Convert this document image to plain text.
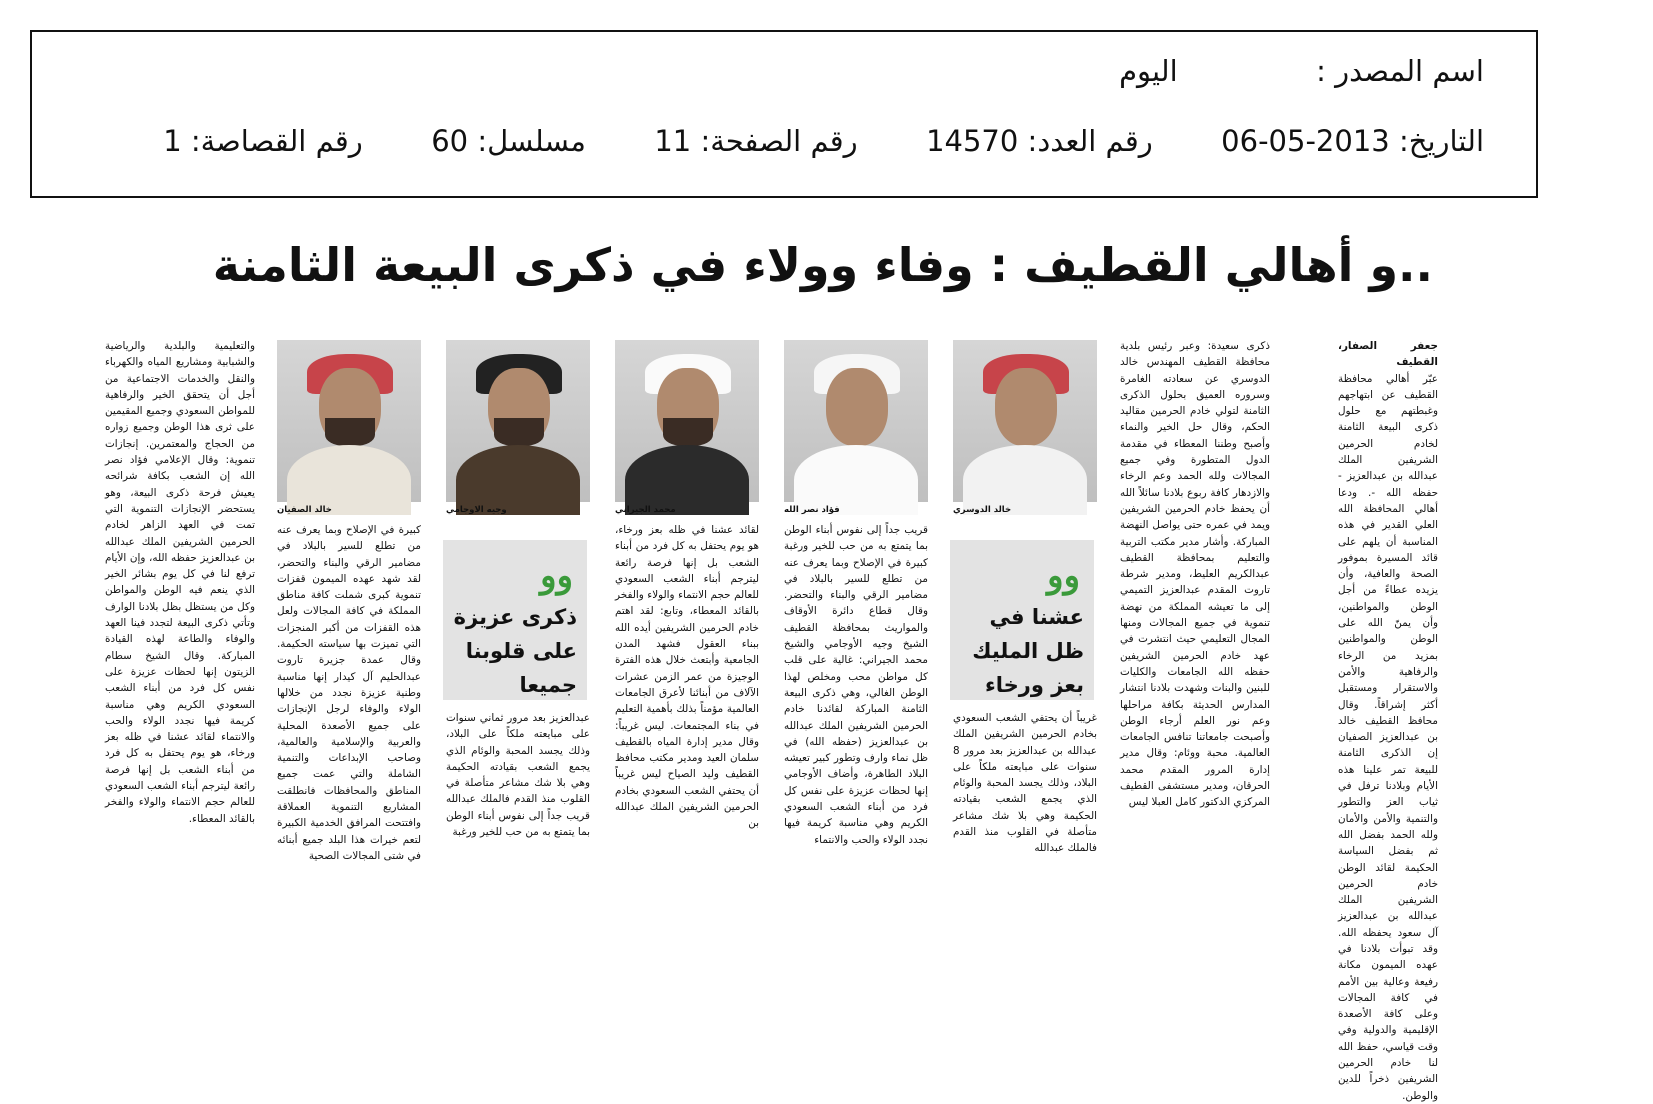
اسم المصدر :  اليوم
التاريخ: 2013-05-06  رقم العدد: 14570  رقم الصفحة: 11  مسلسل: 60  رقم القصاصة: 1
..و أهالي القطيف : وفاء وولاء في ذكرى البيعة الثامنة
جعفر الصفار، القطيف
عبّر أهالي محافظة القطيف عن ابتهاجهم وغبطتهم مع حلول ذكرى البيعة الثامنة لخادم الحرمين الشريفين الملك عبدالله بن عبدالعزيز - حفظه الله -. ودعا أهالي المحافظة الله العلي القدير في هذه المناسبة أن يلهم على قائد المسيرة بموفور الصحة والعافية، وأن يزيده عطاءً من أجل الوطن والمواطنين، وأن يمنّ الله على الوطن والمواطنين بمزيد من الرخاء والرفاهية والأمن والاستقرار ومستقبل أكثر إشراقاً. وقال محافظ القطيف خالد بن عبدالعزيز الصفيان إن الذكرى الثامنة للبيعة تمر علينا هذه الأيام وبلادنا ترفل في ثياب العز والتطور والتنمية والأمن والأمان ولله الحمد بفضل الله ثم بفضل السياسة الحكيمة لقائد الوطن خادم الحرمين الشريفين الملك عبدالله بن عبدالعزيز آل سعود يحفظه الله. وقد تبوأت بلادنا في عهده الميمون مكانة رفيعة وعالية بين الأمم في كافة المجالات وعلى كافة الأصعدة الإقليمية والدولية وفي وقت قياسي، حفظ الله لنا خادم الحرمين الشريفين ذخراً للدين والوطن.
ذكرى سعيدة: وعبر رئيس بلدية محافظة القطيف المهندس خالد الدوسري عن سعادته الغامرة وسروره العميق بحلول الذكرى الثامنة لتولي خادم الحرمين مقاليد الحكم، وقال حل الخير والنماء وأصبح وطننا المعطاء في مقدمة الدول المتطورة وفي جميع المجالات ولله الحمد وعم الرخاء والازدهار كافة ربوع بلادنا سائلاً الله أن يحفظ خادم الحرمين الشريفين ويمد في عمره حتى يواصل النهضة المباركة. وأشار مدير مكتب التربية والتعليم بمحافظة القطيف عبدالكريم العليط، ومدير شرطة تاروت المقدم عبدالعزيز التميمي إلى ما تعيشه المملكة من نهضة تنموية في جميع المجالات ومنها المجال التعليمي حيث انتشرت في عهد خادم الحرمين الشريفين حفظه الله الجامعات والكليات للبنين والبنات وشهدت بلادنا انتشار المدارس الحديثة بكافة مراحلها وعم نور العلم أرجاء الوطن وأصبحت جامعاتنا تنافس الجامعات العالمية. محبة ووئام: وقال مدير إدارة المرور المقدم محمد الحرقان، ومدير مستشفى القطيف المركزي الدكتور كامل العبلا ليس
خالد الدوسري
وو
عشنا في ظل المليك بعز ورخاء
غريباً أن يحتفي الشعب السعودي بخادم الحرمين الشريفين الملك عبدالله بن عبدالعزيز بعد مرور 8 سنوات على مبايعته ملكاً على البلاد، وذلك يجسد المحبة والوئام الذي يجمع الشعب بقيادته الحكيمة وهي بلا شك مشاعر متأصلة في القلوب منذ القدم فالملك عبدالله
فؤاد نصر الله
قريب جداً إلى نفوس أبناء الوطن بما يتمتع به من حب للخير ورغبة كبيرة في الإصلاح وبما يعرف عنه من تطلع للسير بالبلاد في مضامير الرقي والبناء والتحضر. وقال قطاع دائرة الأوقاف والمواريث بمحافظة القطيف الشيخ وجيه الأوجامي والشيخ محمد الجيراني: غالية على قلب كل مواطن محب ومخلص لهذا الوطن الغالي، وهي ذكرى البيعة الثامنة المباركة لقائدنا خادم الحرمين الشريفين الملك عبدالله بن عبدالعزيز (حفظه الله) في ظل نماء وارف وتطور كبير تعيشه البلاد الطاهرة، وأضاف الأوجامي إنها لحظات عزيزة على نفس كل فرد من أبناء الشعب السعودي الكريم وهي مناسبة كريمة فيها نجدد الولاء والحب والانتماء
محمد الجيراني
لقائد عشنا في ظله بعز ورخاء، هو يوم يحتفل به كل فرد من أبناء الشعب بل إنها فرصة رائعة ليترجم أبناء الشعب السعودي للعالم حجم الانتماء والولاء والفخر بالقائد المعطاء، وتابع: لقد اهتم خادم الحرمين الشريفين أيده الله ببناء العقول فشهد المدن الجامعية وأبتعث خلال هذه الفترة الوجيزة من عمر الزمن عشرات الآلاف من أبنائنا لأعرق الجامعات العالمية مؤمناً بذلك بأهمية التعليم في بناء المجتمعات. ليس غريباً: وقال مدير إدارة المياه بالقطيف سلمان العيد ومدير مكتب محافظ القطيف وليد الصياح ليس غريباً أن يحتفي الشعب السعودي بخادم الحرمين الشريفين الملك عبدالله بن
وجيه الاوجامي
وو
ذكرى عزيزة على قلوبنا جميعا
عبدالعزيز بعد مرور ثماني سنوات على مبايعته ملكاً على البلاد، وذلك يجسد المحبة والوئام الذي يجمع الشعب بقيادته الحكيمة وهي بلا شك مشاعر متأصلة في القلوب منذ القدم فالملك عبدالله قريب جداً إلى نفوس أبناء الوطن بما يتمتع به من حب للخير ورغبة
خالد الصفيان
كبيرة في الإصلاح وبما يعرف عنه من تطلع للسير بالبلاد في مضامير الرقي والبناء والتحضر، لقد شهد عهده الميمون قفزات تنموية كبرى شملت كافة مناطق المملكة في كافة المجالات ولعل هذه القفزات من أكبر المنجزات التي تميزت بها سياسته الحكيمة. وقال عمدة جزيرة تاروت عبدالحليم آل كيدار إنها مناسبة وطنية عزيزة نجدد من خلالها الولاء والوفاء لرجل الإنجازات على جميع الأصعدة المحلية والعربية والإسلامية والعالمية، وصاحب الإبداعات والتنمية الشاملة والتي عمت جميع المناطق والمحافظات فانطلقت المشاريع التنموية العملاقة وافتتحت المرافق الخدمية الكبيرة لتعم خيرات هذا البلد جميع أبنائه في شتى المجالات الصحية
والتعليمية والبلدية والرياضية والشبابية ومشاريع المياه والكهرباء والنقل والخدمات الاجتماعية من أجل أن يتحقق الخير والرفاهية للمواطن السعودي وجميع المقيمين على ثرى هذا الوطن وجميع زواره من الحجاج والمعتمرين. إنجازات تنموية: وقال الإعلامي فؤاد نصر الله إن الشعب بكافة شرائحه يعيش فرحة ذكرى البيعة، وهو يستحضر الإنجازات التنموية التي تمت في العهد الزاهر لخادم الحرمين الشريفين الملك عبدالله بن عبدالعزيز حفظه الله، وإن الأيام ترفع لنا في كل يوم بشائر الخير الذي ينعم فيه الوطن والمواطن وكل من يستظل بظل بلادنا الوارف وتأتي ذكرى البيعة لتجدد فينا العهد والوفاء والطاعة لهذه القيادة المباركة. وقال الشيخ سطام الزيتون إنها لحظات عزيزة على نفس كل فرد من أبناء الشعب السعودي الكريم وهي مناسبة كريمة فيها نجدد الولاء والحب والانتماء لقائد عشنا في ظله بعز ورخاء، هو يوم يحتفل به كل فرد من أبناء الشعب بل إنها فرصة رائعة ليترجم أبناء الشعب السعودي للعالم حجم الانتماء والولاء والفخر بالقائد المعطاء.
